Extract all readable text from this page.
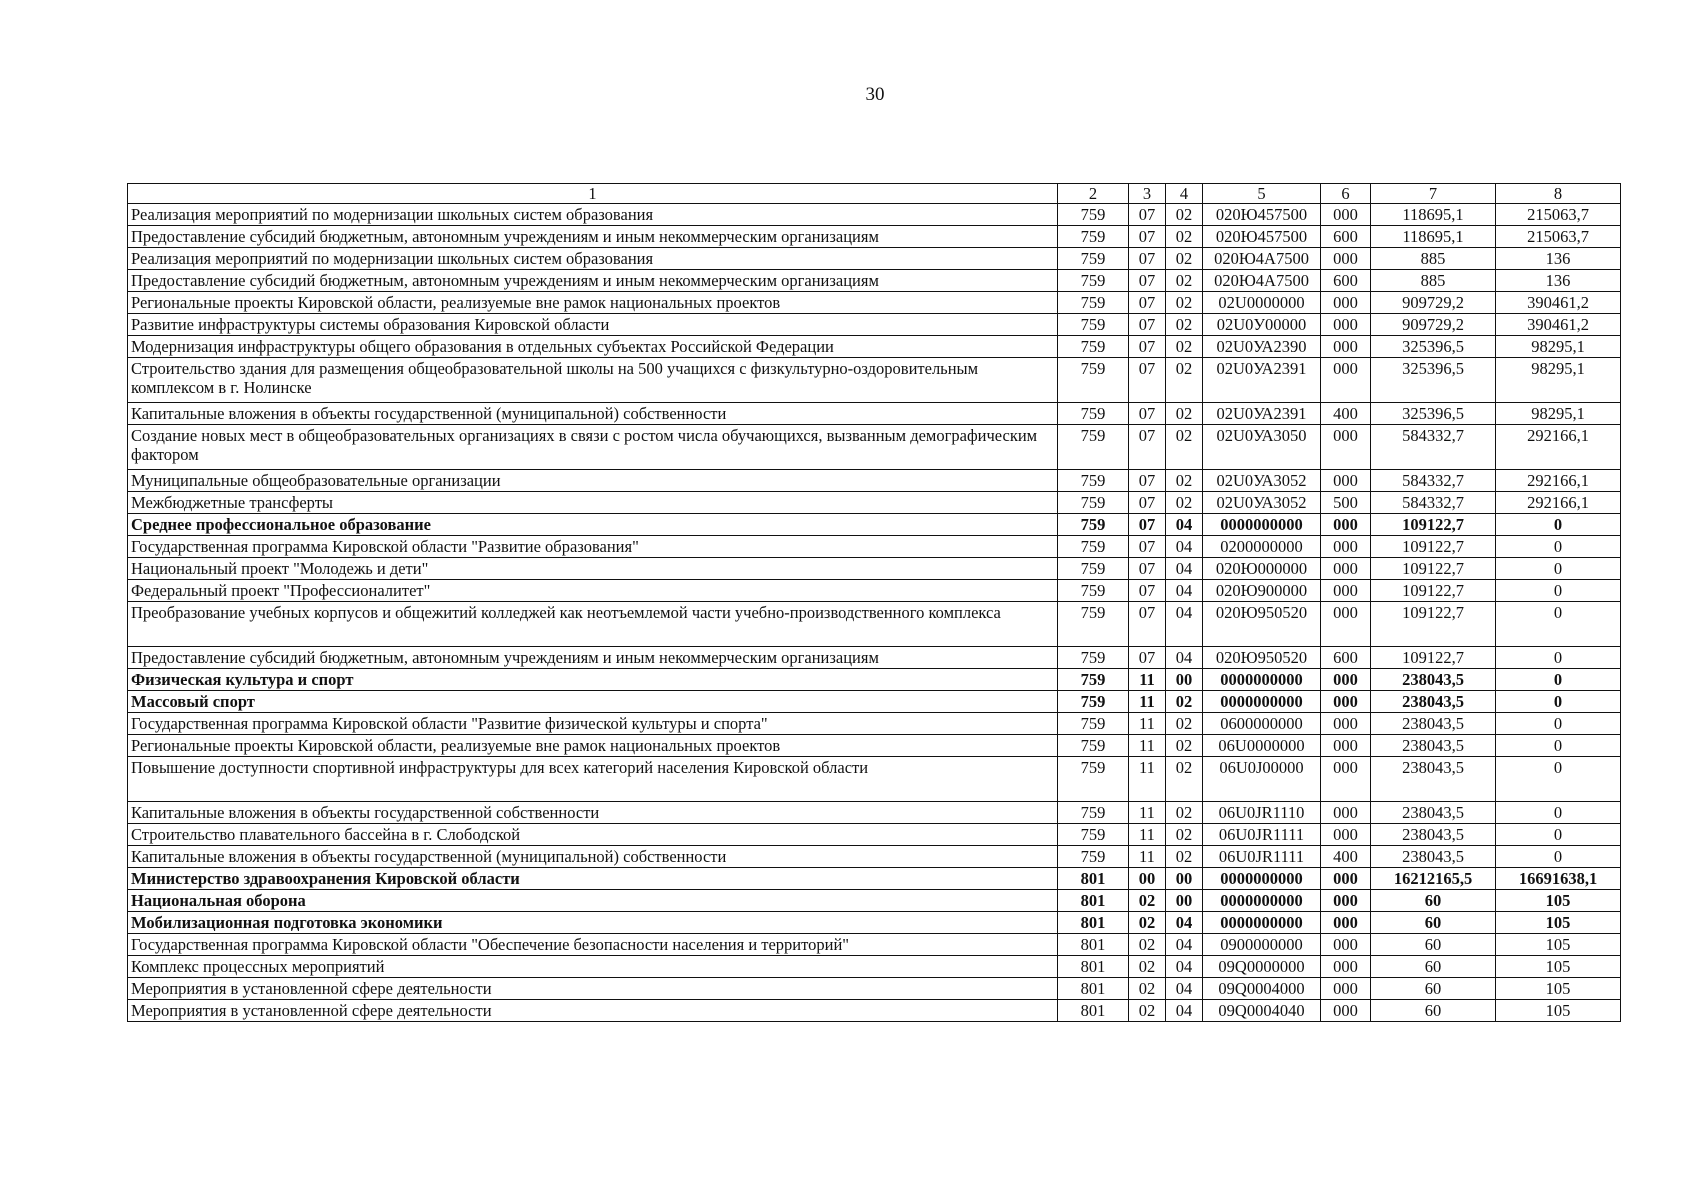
30
1	2	3	4	5	6	7	8
Реализация мероприятий по модернизации школьных систем образования	759	07	02	020Ю457500	000	118695,1	215063,7
Предоставление субсидий бюджетным, автономным учреждениям и иным некоммерческим организациям	759	07	02	020Ю457500	600	118695,1	215063,7
Реализация мероприятий по модернизации школьных систем образования	759	07	02	020Ю4А7500	000	885	136
Предоставление субсидий бюджетным, автономным учреждениям и иным некоммерческим организациям	759	07	02	020Ю4А7500	600	885	136
Региональные проекты Кировской области, реализуемые вне рамок национальных проектов	759	07	02	02U0000000	000	909729,2	390461,2
Развитие инфраструктуры системы образования Кировской области	759	07	02	02U0У00000	000	909729,2	390461,2
Модернизация инфраструктуры общего образования в отдельных субъектах Российской Федерации	759	07	02	02U0УА2390	000	325396,5	98295,1
Строительство здания для размещения общеобразовательной школы на 500 учащихся с физкультурно-оздоровительным комплексом в г. Нолинске	759	07	02	02U0УА2391	000	325396,5	98295,1
Капитальные вложения в объекты государственной (муниципальной) собственности	759	07	02	02U0УА2391	400	325396,5	98295,1
Создание новых мест в общеобразовательных организациях в связи с ростом числа обучающихся, вызванным демографическим фактором	759	07	02	02U0УА3050	000	584332,7	292166,1
Муниципальные общеобразовательные организации	759	07	02	02U0УА3052	000	584332,7	292166,1
Межбюджетные трансферты	759	07	02	02U0УА3052	500	584332,7	292166,1
Среднее профессиональное образование	759	07	04	0000000000	000	109122,7	0
Государственная программа Кировской области "Развитие образования"	759	07	04	0200000000	000	109122,7	0
Национальный проект "Молодежь и дети"	759	07	04	020Ю000000	000	109122,7	0
Федеральный проект "Профессионалитет"	759	07	04	020Ю900000	000	109122,7	0
Преобразование учебных корпусов и общежитий колледжей как неотъемлемой части учебно-производственного комплекса	759	07	04	020Ю950520	000	109122,7	0
Предоставление субсидий бюджетным, автономным учреждениям и иным некоммерческим организациям	759	07	04	020Ю950520	600	109122,7	0
Физическая культура и спорт	759	11	00	0000000000	000	238043,5	0
Массовый спорт	759	11	02	0000000000	000	238043,5	0
Государственная программа Кировской области "Развитие физической культуры и спорта"	759	11	02	0600000000	000	238043,5	0
Региональные проекты Кировской области, реализуемые вне рамок национальных проектов	759	11	02	06U0000000	000	238043,5	0
Повышение доступности спортивной инфраструктуры для всех категорий населения Кировской области	759	11	02	06U0J00000	000	238043,5	0
Капитальные вложения в объекты государственной собственности	759	11	02	06U0JR1110	000	238043,5	0
Строительство плавательного бассейна в г. Слободской	759	11	02	06U0JR1111	000	238043,5	0
Капитальные вложения в объекты государственной (муниципальной) собственности	759	11	02	06U0JR1111	400	238043,5	0
Министерство здравоохранения Кировской области	801	00	00	0000000000	000	16212165,5	16691638,1
Национальная оборона	801	02	00	0000000000	000	60	105
Мобилизационная подготовка экономики	801	02	04	0000000000	000	60	105
Государственная программа Кировской области "Обеспечение безопасности населения и территорий"	801	02	04	0900000000	000	60	105
Комплекс процессных мероприятий	801	02	04	09Q0000000	000	60	105
Мероприятия в установленной сфере деятельности	801	02	04	09Q0004000	000	60	105
Мероприятия в установленной сфере деятельности	801	02	04	09Q0004040	000	60	105
